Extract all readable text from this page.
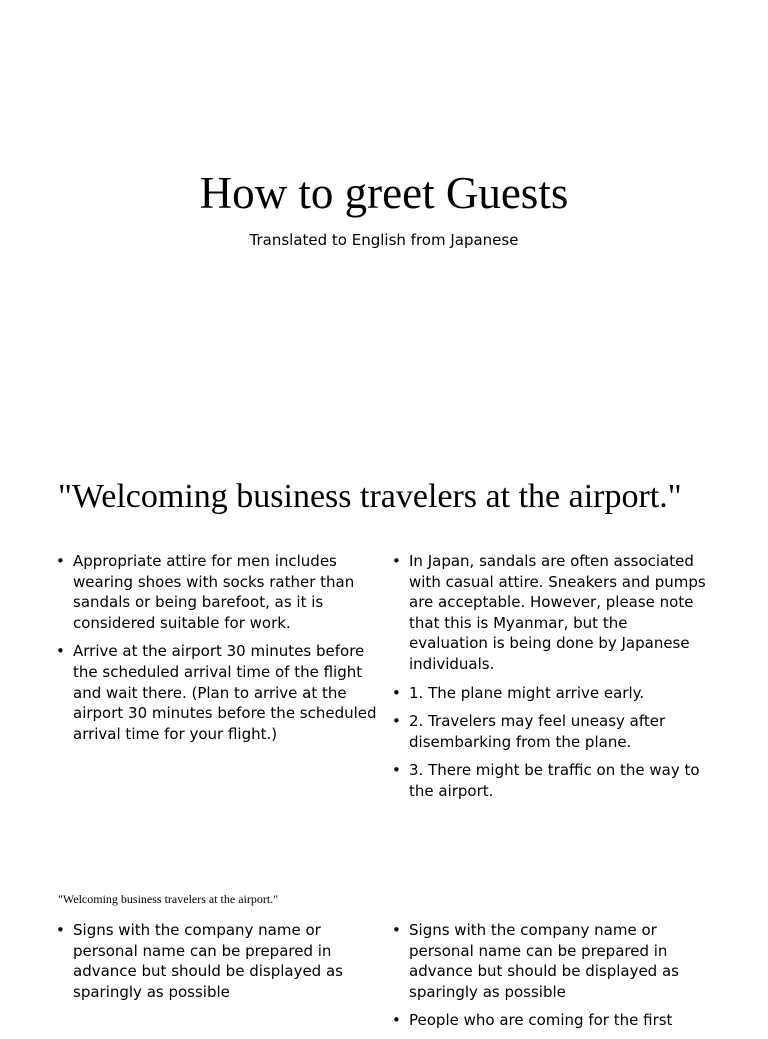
How to greet Guests
Translated to English from Japanese
"Welcoming business travelers at the airport."
• Appropriate attire for men includes wearing shoes with socks rather than sandals or being barefoot, as it is considered suitable for work.
• Arrive at the airport 30 minutes before the scheduled arrival time of the flight and wait there. (Plan to arrive at the airport 30 minutes before the scheduled arrival time for your flight.)
• In Japan, sandals are often associated with casual attire. Sneakers and pumps are acceptable. However, please note that this is Myanmar, but the evaluation is being done by Japanese individuals.
• 1. The plane might arrive early.
• 2. Travelers may feel uneasy after disembarking from the plane.
• 3. There might be traffic on the way to the airport.
"Welcoming business travelers at the airport."
• Signs with the company name or personal name can be prepared in advance but should be displayed as sparingly as possible
• Signs with the company name or personal name can be prepared in advance but should be displayed as sparingly as possible
• People who are coming for the first
